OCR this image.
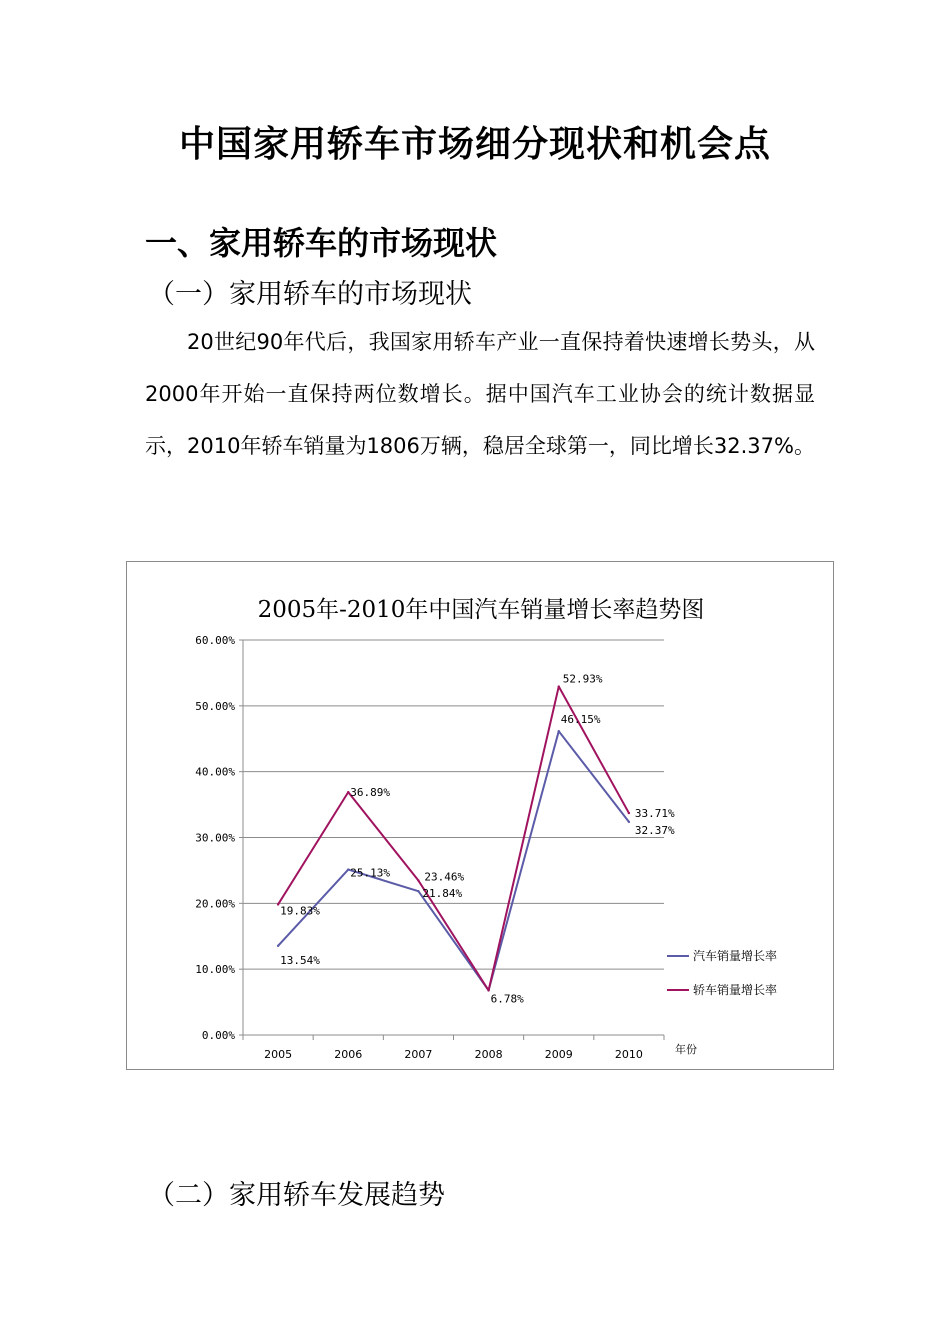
中国家用轿车市场细分现状和机会点
一、家用轿车的市场现状
（一）家用轿车的市场现状
20世纪90年代后，我国家用轿车产业一直保持着快速增长势头，从2000年开始一直保持两位数增长。据中国汽车工业协会的统计数据显示，2010年轿车销量为1806万辆，稳居全球第一，同比增长32.37%。
2005年-2010年中国汽车销量增长率趋势图
0.00%
10.00%
20.00%
30.00%
40.00%
50.00%
60.00%
2005	2006	2007	2008	2009	2010
13.54%
25.13%
21.84%
6.78%
46.15%
32.37%
19.83%
36.89%
23.46%
52.93%
33.71%
年份
汽车销量增长率
轿车销量增长率
（二）家用轿车发展趋势
